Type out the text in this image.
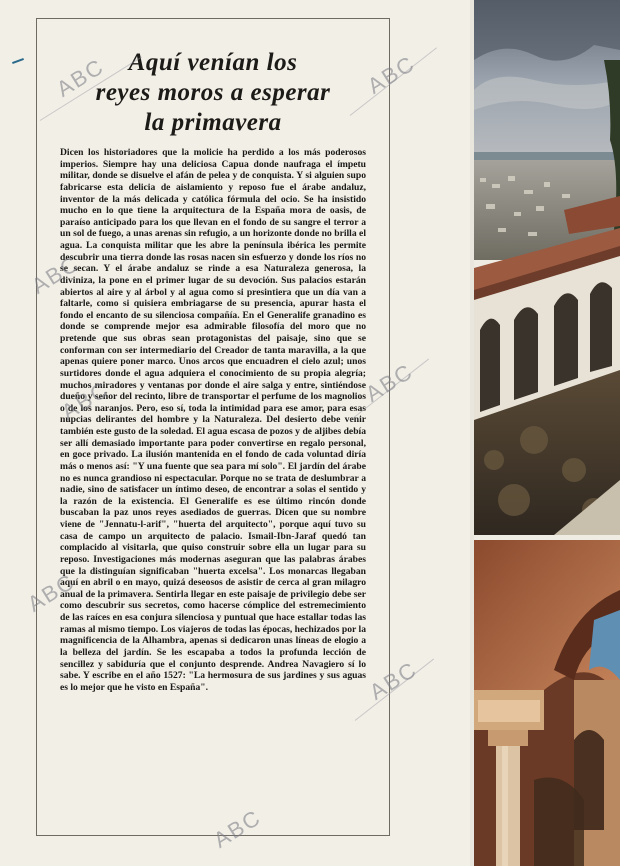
Aquí venían los
reyes moros a esperar
la primavera

Dicen los historiadores que la molicie ha perdido a los más poderosos imperios. Siempre hay una deliciosa Capua donde naufraga el ímpetu militar, donde se disuelve el afán de pelea y de conquista. Y si alguien supo fabricarse esta delicia de aislamiento y reposo fue el árabe andaluz, inventor de la más delicada y católica fórmula del ocio. Se ha insistido mucho en lo que tiene la arquitectura de la España mora de oasis, de paraíso anticipado para los que llevan en el fondo de su sangre el terror a un sol de fuego, a unas arenas sin refugio, a un horizonte donde no brilla el agua. La conquista militar que les abre la península ibérica les permite descubrir una tierra donde las rosas nacen sin esfuerzo y donde los ríos no se secan. Y el árabe andaluz se rinde a esa Naturaleza generosa, la diviniza, la pone en el primer lugar de su devoción. Sus palacios estarán abiertos al aire y al árbol y al agua como si presintiera que un día van a faltarle, como si quisiera embriagarse de su presencia, apurar hasta el fondo el encanto de su silenciosa compañía. En el Generalife granadino es donde se comprende mejor esa admirable filosofía del moro que no pretende que sus obras sean protagonistas del paisaje, sino que se conforman con ser intermediario del Creador de tanta maravilla, a la que apenas quiere poner marco. Unos arcos que encuadren el cielo azul; unos surtidores donde el agua adquiera el conocimiento de su propia alegría; muchos miradores y ventanas por donde el aire salga y entre, sintiéndose dueño y señor del recinto, libre de transportar el perfume de los magnolios o de los naranjos. Pero, eso sí, toda la intimidad para ese amor, para esas nupcias delirantes del hombre y la Naturaleza. Del desierto debe venir también este gusto de la soledad. El agua escasa de pozos y de aljibes debía ser allí demasiado importante para poder convertirse en regalo personal, en goce privado. La ilusión mantenida en el fondo de cada voluntad diría más o menos así: "Y una fuente que sea para mí solo". El jardín del árabe no es nunca grandioso ni espectacular. Porque no se trata de deslumbrar a nadie, sino de satisfacer un íntimo deseo, de encontrar a solas el sentido y la razón de la existencia. El Generalife es ese último rincón donde buscaban la paz unos reyes asediados de guerras. Dicen que su nombre viene de "Jennatu-l-arif", "huerta del arquitecto", porque aquí tuvo su casa de campo un arquitecto de palacio. Ismail-Ibn-Jaraf quedó tan complacido al visitarla, que quiso construir sobre ella un lugar para su reposo. Investigaciones más modernas aseguran que las palabras árabes que la distinguían significaban "huerta excelsa". Los monarcas llegaban aquí en abril o en mayo, quizá deseosos de asistir de cerca al gran milagro anual de la primavera. Sentirla llegar en este paisaje de privilegio debe ser como descubrir sus secretos, como hacerse cómplice del estremecimiento de las raíces en esa conjura silenciosa y puntual que hace estallar todas las ramas al mismo tiempo. Los viajeros de todas las épocas, hechizados por la magnificencia de la Alhambra, apenas si dedicaron unas líneas de elogio a la belleza del jardín. Se les escapaba a todos la profunda lección de sencillez y sabiduría que el conjunto desprende. Andrea Navagiero sí lo sabe. Y escribe en el año 1527: "La hermosura de sus jardines y sus aguas es lo mejor que he visto en España".

ABC	ABC
ABC
ABC
ABC
ABC
ABC
ABC
